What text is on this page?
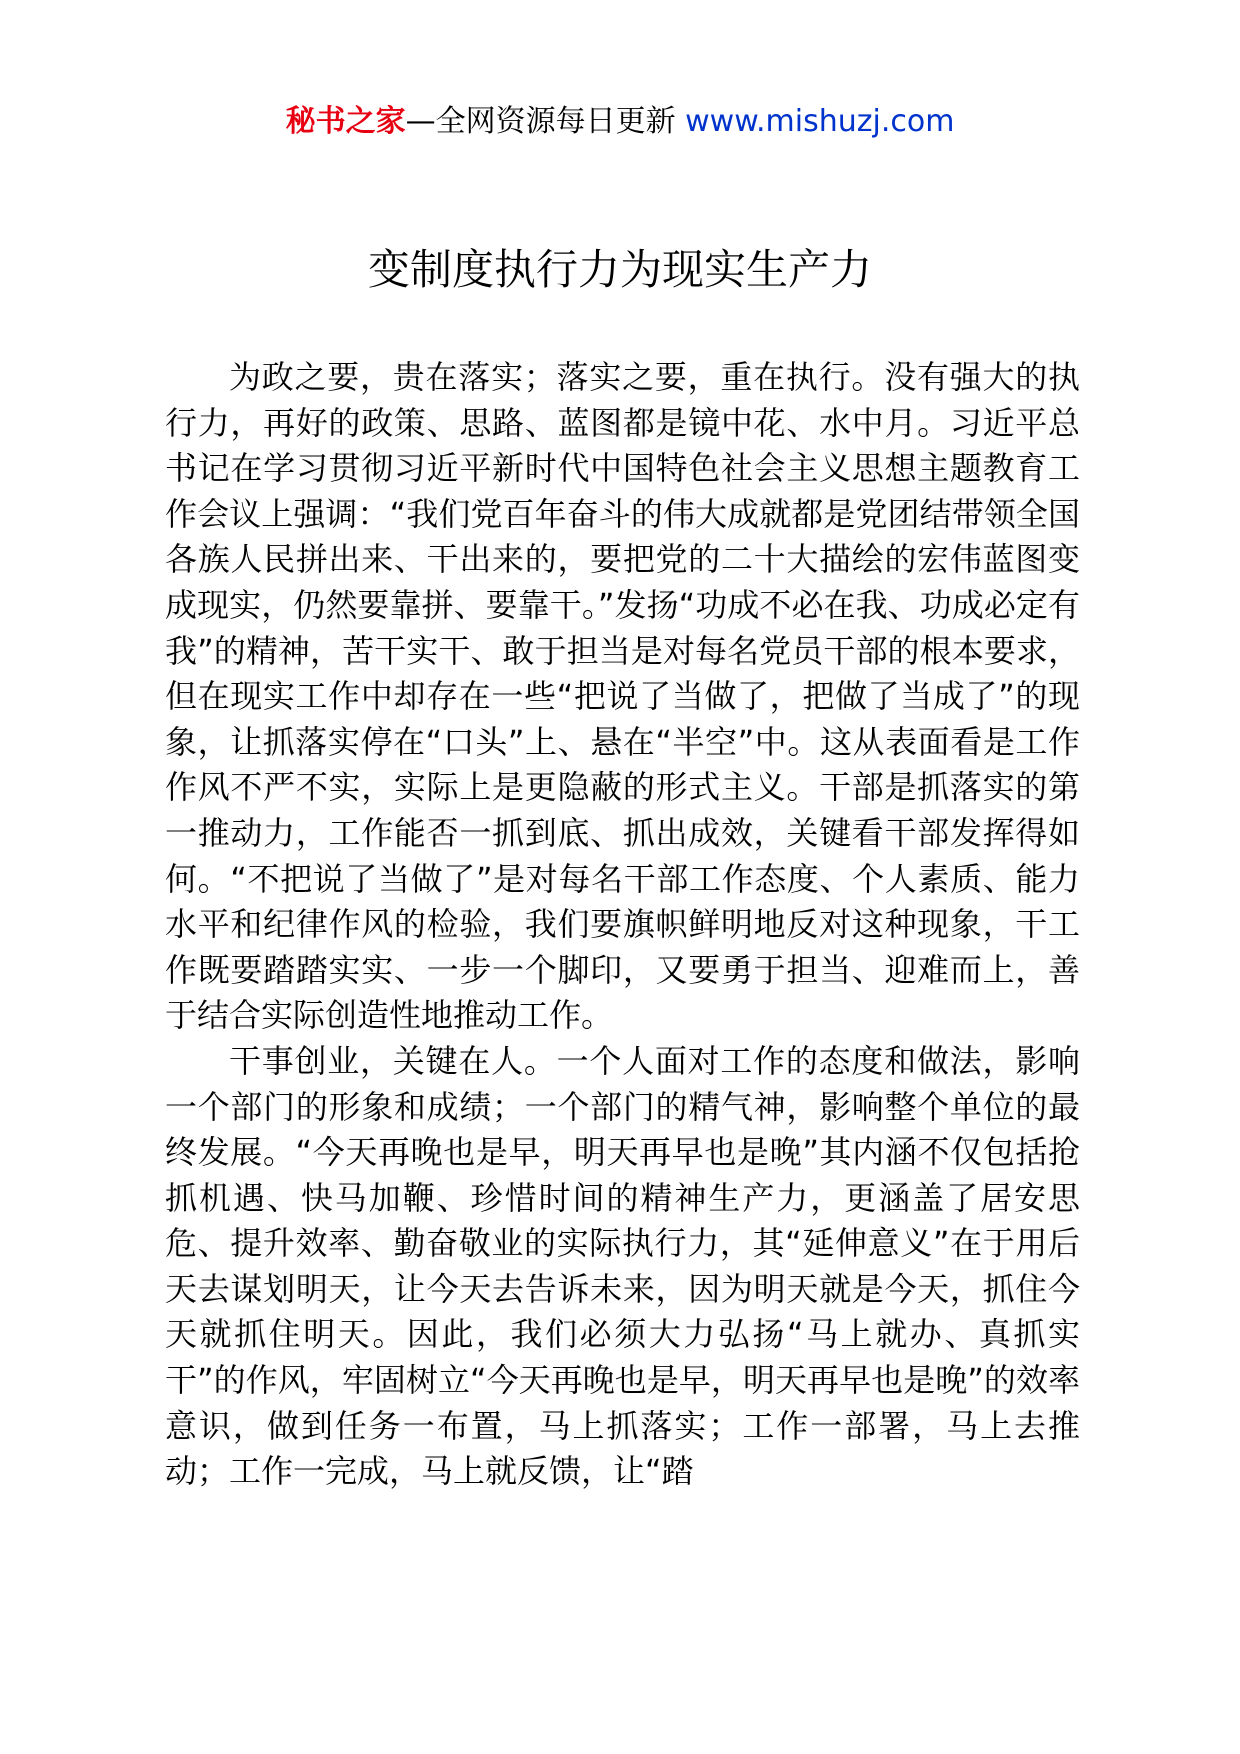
秘书之家—全网资源每日更新 www.mishuzj.com
变制度执行力为现实生产力

为政之要，贵在落实；落实之要，重在执行。没有强大的执行力，再好的政策、思路、蓝图都是镜中花、水中月。习近平总书记在学习贯彻习近平新时代中国特色社会主义思想主题教育工作会议上强调：“我们党百年奋斗的伟大成就都是党团结带领全国各族人民拼出来、干出来的，要把党的二十大描绘的宏伟蓝图变成现实，仍然要靠拼、要靠干。”发扬“功成不必在我、功成必定有我”的精神，苦干实干、敢于担当是对每名党员干部的根本要求，但在现实工作中却存在一些“把说了当做了，把做了当成了”的现象，让抓落实停在“口头”上、悬在“半空”中。这从表面看是工作作风不严不实，实际上是更隐蔽的形式主义。干部是抓落实的第一推动力，工作能否一抓到底、抓出成效，关键看干部发挥得如何。“不把说了当做了”是对每名干部工作态度、个人素质、能力水平和纪律作风的检验，我们要旗帜鲜明地反对这种现象，干工作既要踏踏实实、一步一个脚印，又要勇于担当、迎难而上，善于结合实际创造性地推动工作。

干事创业，关键在人。一个人面对工作的态度和做法，影响一个部门的形象和成绩；一个部门的精气神，影响整个单位的最终发展。“今天再晚也是早，明天再早也是晚”其内涵不仅包括抢抓机遇、快马加鞭、珍惜时间的精神生产力，更涵盖了居安思危、提升效率、勤奋敬业的实际执行力，其“延伸意义”在于用后天去谋划明天，让今天去告诉未来，因为明天就是今天，抓住今天就抓住明天。因此，我们必须大力弘扬“马上就办、真抓实干”的作风，牢固树立“今天再晚也是早，明天再早也是晚”的效率意识，做到任务一布置，马上抓落实；工作一部署，马上去推动；工作一完成，马上就反馈，让“踏
